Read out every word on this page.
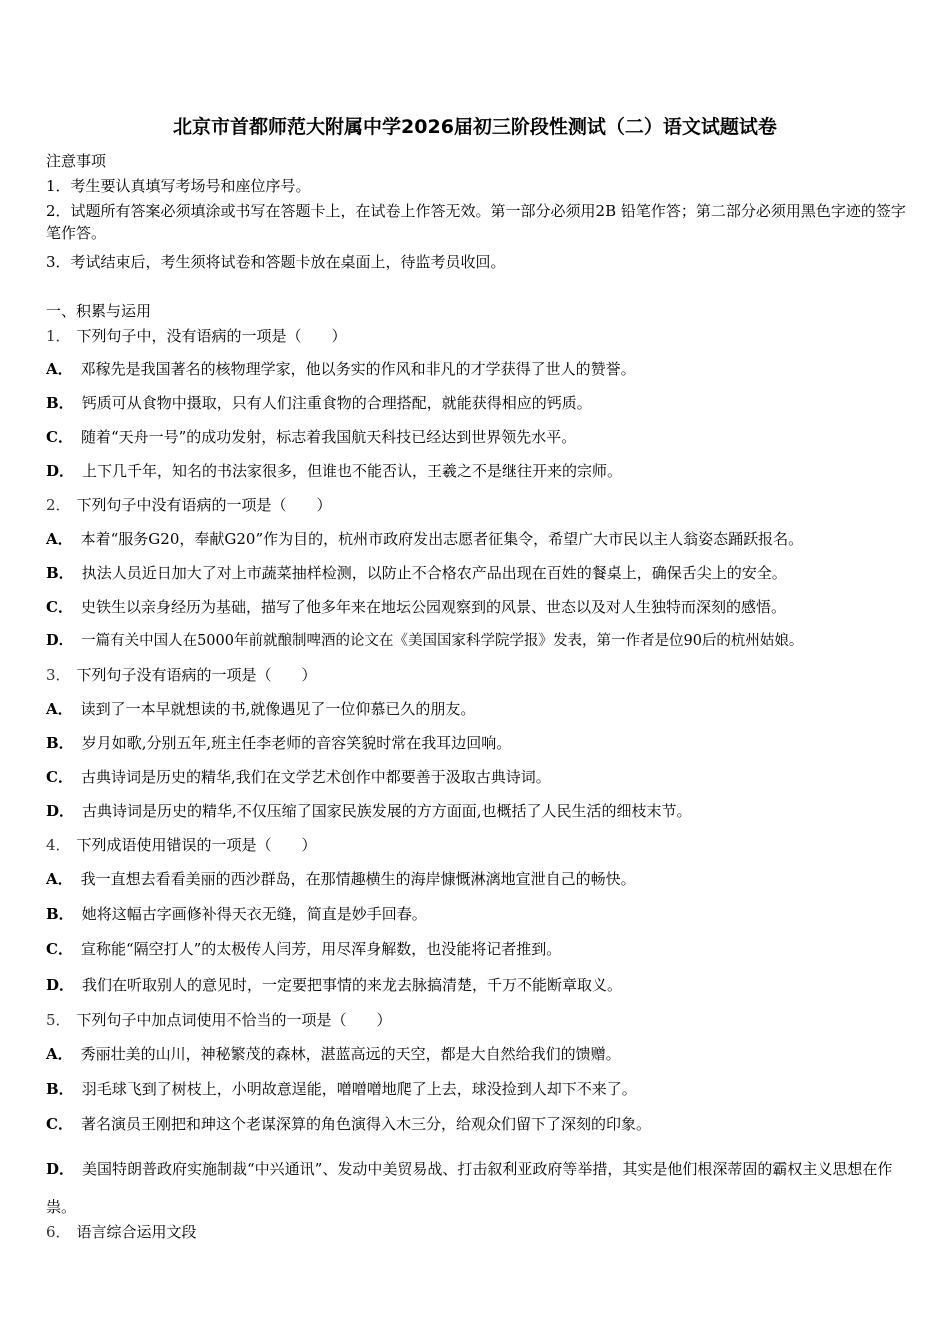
北京市首都师范大附属中学2026届初三阶段性测试（二）语文试题试卷
注意事项
1．考生要认真填写考场号和座位序号。
2．试题所有答案必须填涂或书写在答题卡上，在试卷上作答无效。第一部分必须用2B 铅笔作答；第二部分必须用黑色字迹的签字笔作答。
3．考试结束后，考生须将试卷和答题卡放在桌面上，待监考员收回。
一、积累与运用
1． 下列句子中，没有语病的一项是（　　）
A． 邓稼先是我国著名的核物理学家，他以务实的作风和非凡的才学获得了世人的赞誉。
B． 钙质可从食物中摄取，只有人们注重食物的合理搭配，就能获得相应的钙质。
C． 随着“天舟一号”的成功发射，标志着我国航天科技已经达到世界领先水平。
D． 上下几千年，知名的书法家很多，但谁也不能否认，王羲之不是继往开来的宗师。
2． 下列句子中没有语病的一项是（　　）
A． 本着“服务G20，奉献G20”作为目的，杭州市政府发出志愿者征集令，希望广大市民以主人翁姿态踊跃报名。
B． 执法人员近日加大了对上市蔬菜抽样检测，以防止不合格农产品出现在百姓的餐桌上，确保舌尖上的安全。
C． 史铁生以亲身经历为基础，描写了他多年来在地坛公园观察到的风景、世态以及对人生独特而深刻的感悟。
D． 一篇有关中国人在5000年前就酿制啤酒的论文在《美国国家科学院学报》发表，第一作者是位90后的杭州姑娘。
3． 下列句子没有语病的一项是（　　）
A． 读到了一本早就想读的书,就像遇见了一位仰慕已久的朋友。
B． 岁月如歌,分别五年,班主任李老师的音容笑貌时常在我耳边回响。
C． 古典诗词是历史的精华,我们在文学艺术创作中都要善于汲取古典诗词。
D． 古典诗词是历史的精华,不仅压缩了国家民族发展的方方面面,也概括了人民生活的细枝末节。
4． 下列成语使用错误的一项是（　　）
A． 我一直想去看看美丽的西沙群岛，在那情趣横生的海岸慷慨淋漓地宣泄自己的畅快。
B． 她将这幅古字画修补得天衣无缝，简直是妙手回春。
C． 宣称能“隔空打人”的太极传人闫芳，用尽浑身解数，也没能将记者推到。
D． 我们在听取别人的意见时，一定要把事情的来龙去脉搞清楚，千万不能断章取义。
5． 下列句子中加点词使用不恰当的一项是（　　）
A． 秀丽壮美的山川，神秘繁茂的森林，湛蓝高远的天空，都是大自然给我们的馈赠。
B． 羽毛球飞到了树枝上，小明故意逞能，噌噌噌地爬了上去，球没捡到人却下不来了。
C． 著名演员王刚把和珅这个老谋深算的角色演得入木三分，给观众们留下了深刻的印象。
D． 美国特朗普政府实施制裁“中兴通讯”、发动中美贸易战、打击叙利亚政府等举措，其实是他们根深蒂固的霸权主义思想在作祟。
6． 语言综合运用文段
